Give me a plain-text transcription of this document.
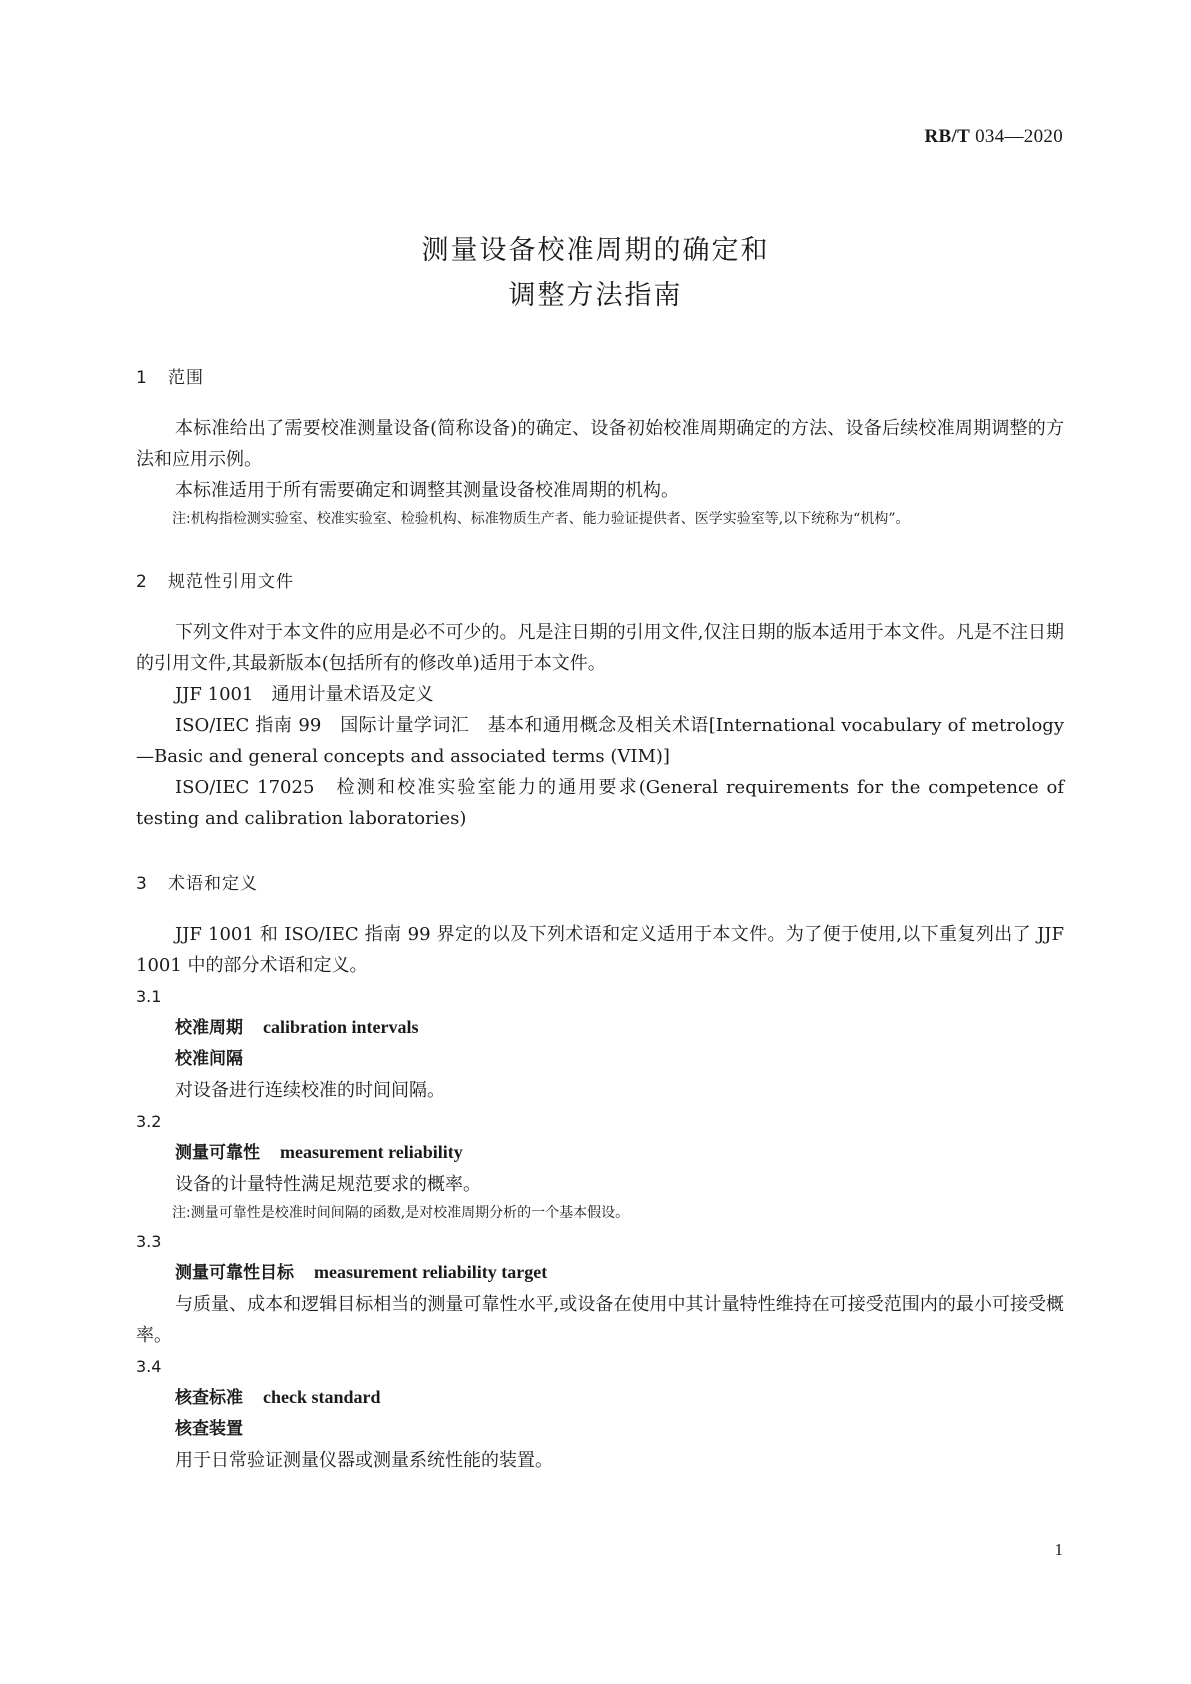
RB/T 034—2020
测量设备校准周期的确定和
调整方法指南
1 范围
本标准给出了需要校准测量设备(简称设备)的确定、设备初始校准周期确定的方法、设备后续校准周期调整的方法和应用示例。
本标准适用于所有需要确定和调整其测量设备校准周期的机构。
注:机构指检测实验室、校准实验室、检验机构、标准物质生产者、能力验证提供者、医学实验室等,以下统称为“机构”。
2 规范性引用文件
下列文件对于本文件的应用是必不可少的。凡是注日期的引用文件,仅注日期的版本适用于本文件。凡是不注日期的引用文件,其最新版本(包括所有的修改单)适用于本文件。
JJF 1001　通用计量术语及定义
ISO/IEC 指南 99　国际计量学词汇　基本和通用概念及相关术语[International vocabulary of metrology—Basic and general concepts and associated terms (VIM)]
ISO/IEC 17025　检测和校准实验室能力的通用要求(General requirements for the competence of testing and calibration laboratories)
3 术语和定义
JJF 1001 和 ISO/IEC 指南 99 界定的以及下列术语和定义适用于本文件。为了便于使用,以下重复列出了 JJF 1001 中的部分术语和定义。
3.1
校准周期 calibration intervals
校准间隔
对设备进行连续校准的时间间隔。
3.2
测量可靠性 measurement reliability
设备的计量特性满足规范要求的概率。
注:测量可靠性是校准时间间隔的函数,是对校准周期分析的一个基本假设。
3.3
测量可靠性目标 measurement reliability target
与质量、成本和逻辑目标相当的测量可靠性水平,或设备在使用中其计量特性维持在可接受范围内的最小可接受概率。
3.4
核查标准 check standard
核查装置
用于日常验证测量仪器或测量系统性能的装置。
1
